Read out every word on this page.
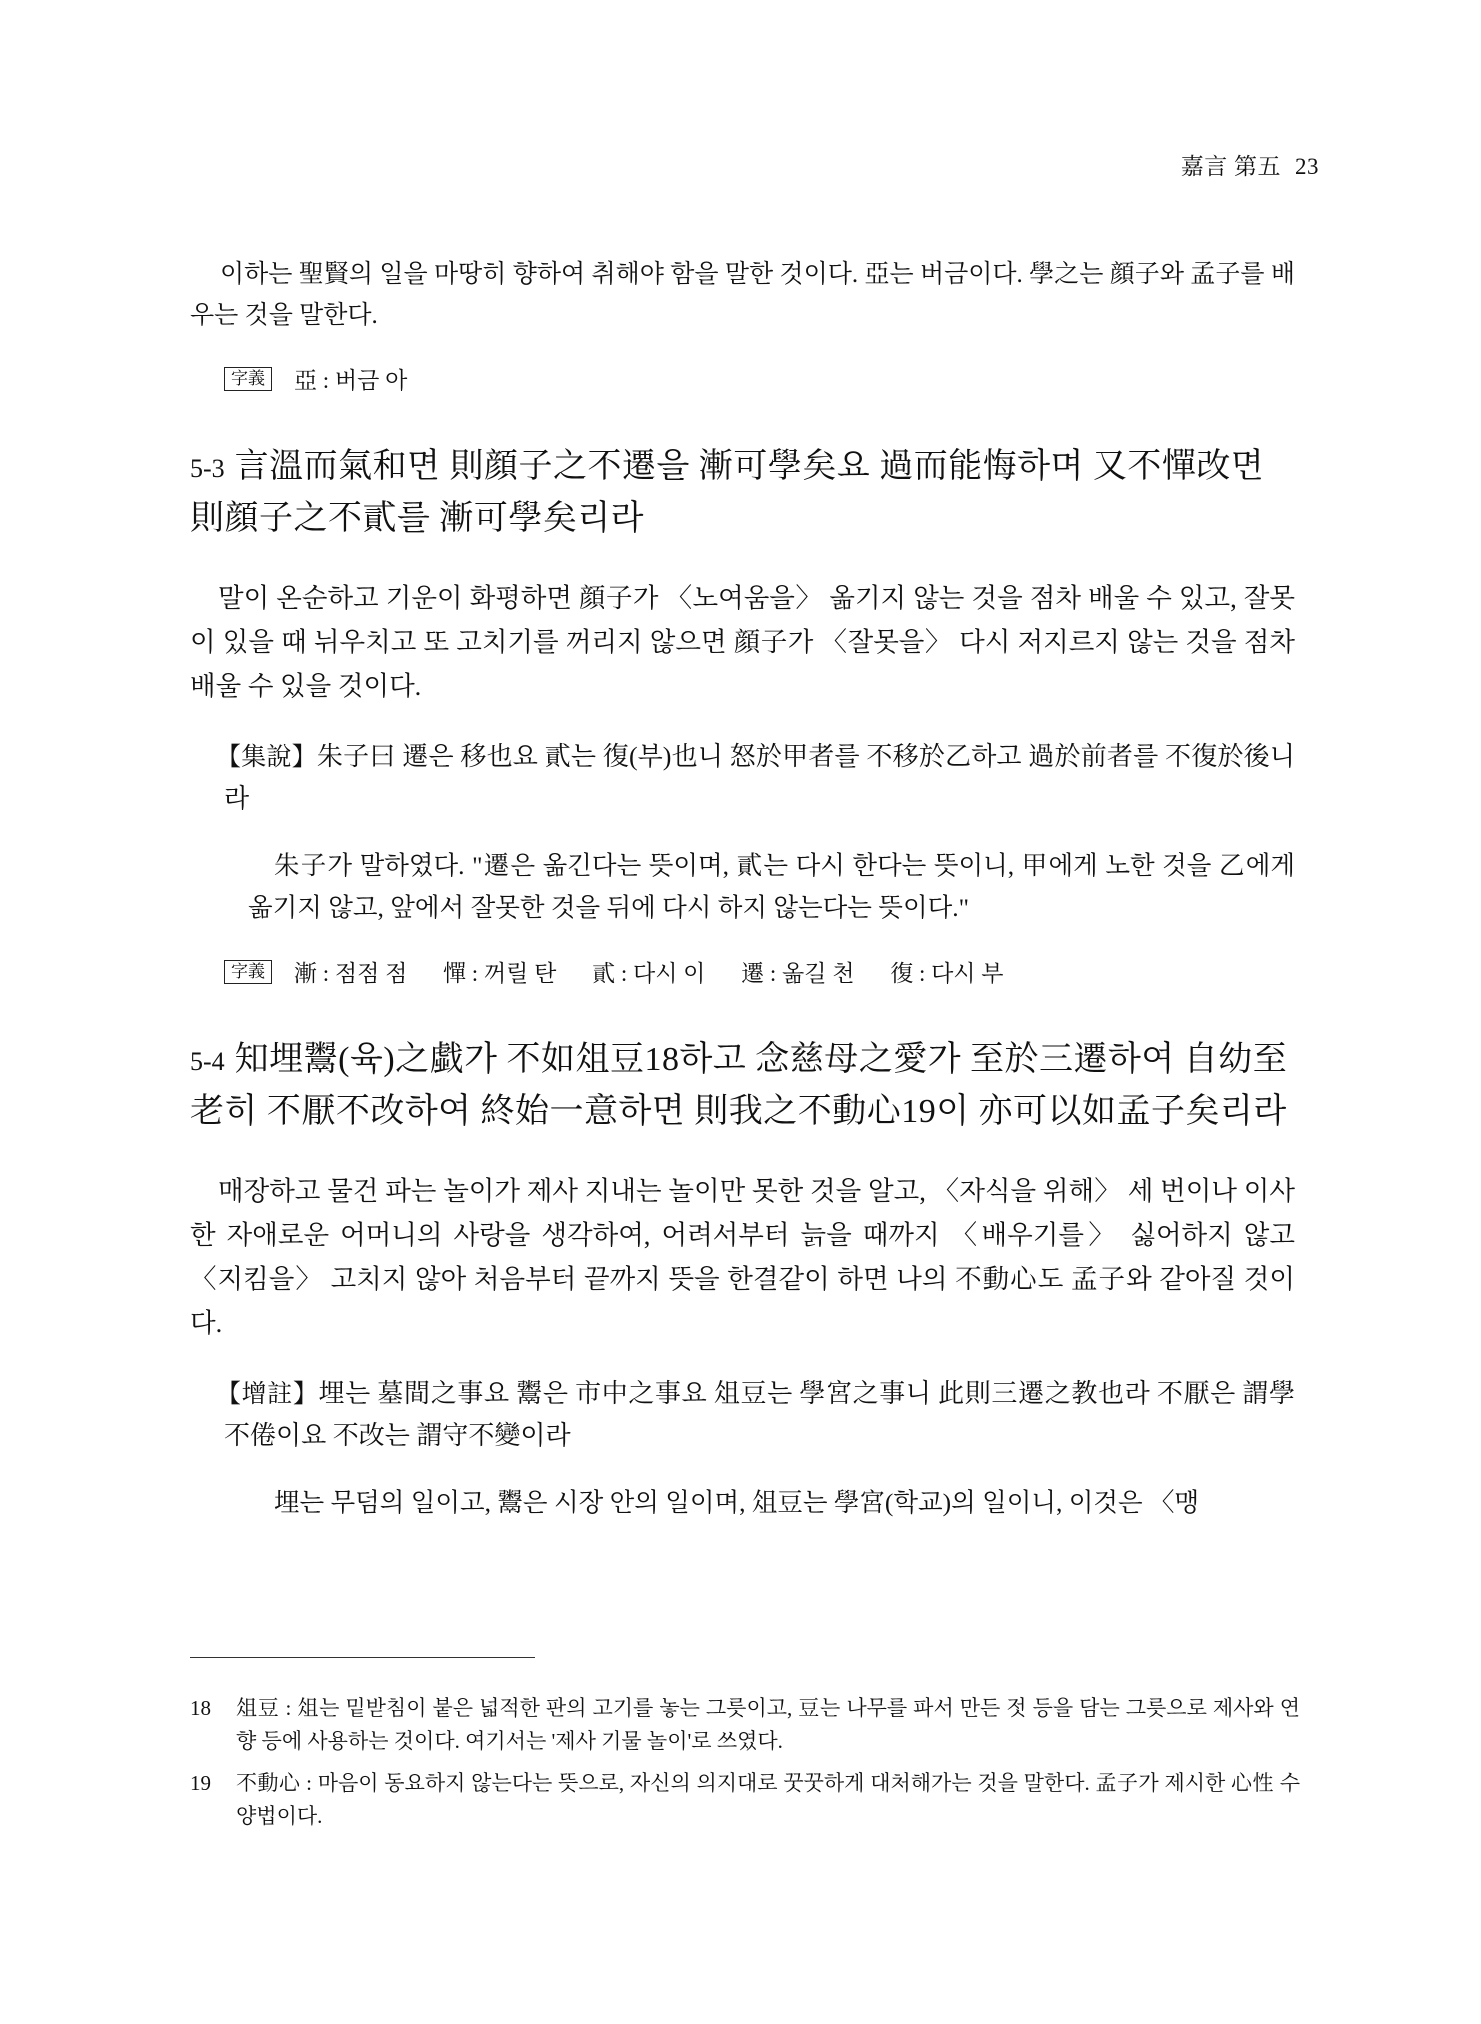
嘉言 第五 23

이하는 聖賢의 일을 마땅히 향하여 취해야 함을 말한 것이다. 亞는 버금이다. 學之는 顔子와 孟子를 배우는 것을 말한다.

字義	亞 : 버금 아

5-3 言溫而氣和면 則顔子之不遷을 漸可學矣요 過而能悔하며 又不憚改면 則顔子之不貳를 漸可學矣리라

말이 온순하고 기운이 화평하면 顔子가 〈노여움을〉 옮기지 않는 것을 점차 배울 수 있고, 잘못이 있을 때 뉘우치고 또 고치기를 꺼리지 않으면 顔子가 〈잘못을〉 다시 저지르지 않는 것을 점차 배울 수 있을 것이다.

【集說】朱子曰 遷은 移也요 貳는 復(부)也니 怒於甲者를 不移於乙하고 過於前者를 不復於後니라

朱子가 말하였다. "遷은 옮긴다는 뜻이며, 貳는 다시 한다는 뜻이니, 甲에게 노한 것을 乙에게 옮기지 않고, 앞에서 잘못한 것을 뒤에 다시 하지 않는다는 뜻이다."

字義	漸 : 점점 점 憚 : 꺼릴 탄 貳 : 다시 이 遷 : 옮길 천 復 : 다시 부

5-4 知埋鬻(육)之戱가 不如俎豆18하고 念慈母之愛가 至於三遷하여 自幼至老히 不厭不改하여 終始一意하면 則我之不動心19이 亦可以如孟子矣리라

매장하고 물건 파는 놀이가 제사 지내는 놀이만 못한 것을 알고, 〈자식을 위해〉 세 번이나 이사한 자애로운 어머니의 사랑을 생각하여, 어려서부터 늙을 때까지 〈배우기를〉 싫어하지 않고 〈지킴을〉 고치지 않아 처음부터 끝까지 뜻을 한결같이 하면 나의 不動心도 孟子와 같아질 것이다.

【增註】埋는 墓間之事요 鬻은 市中之事요 俎豆는 學宮之事니 此則三遷之教也라 不厭은 謂學不倦이요 不改는 謂守不變이라

埋는 무덤의 일이고, 鬻은 시장 안의 일이며, 俎豆는 學宮(학교)의 일이니, 이것은 〈맹

18	俎豆 : 俎는 밑받침이 붙은 넓적한 판의 고기를 놓는 그릇이고, 豆는 나무를 파서 만든 젓 등을 담는 그릇으로 제사와 연향 등에 사용하는 것이다. 여기서는 '제사 기물 놀이'로 쓰였다.
19	不動心 : 마음이 동요하지 않는다는 뜻으로, 자신의 의지대로 꿋꿋하게 대처해가는 것을 말한다. 孟子가 제시한 心性 수양법이다.
